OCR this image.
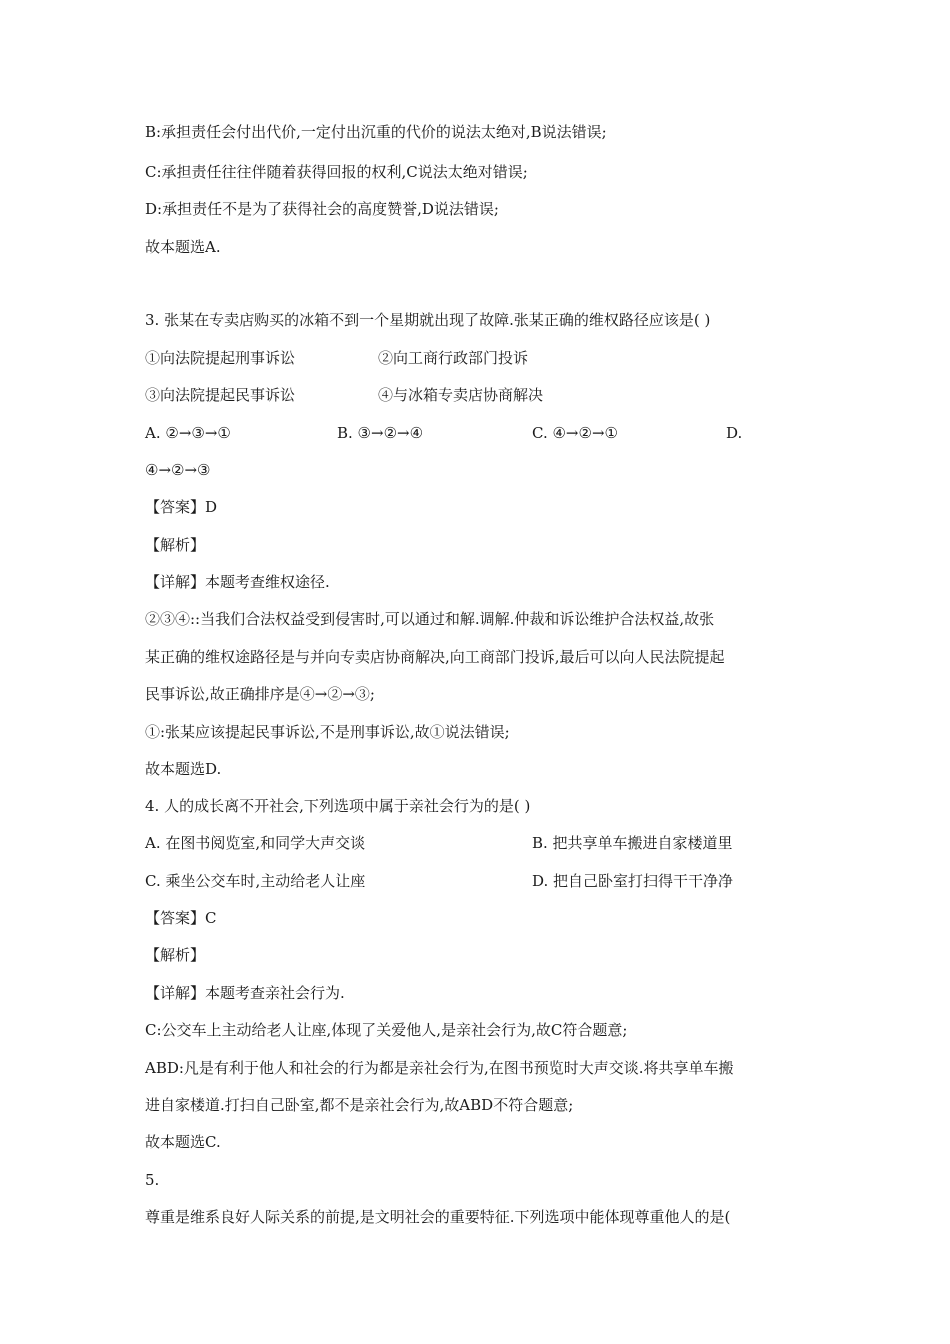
B:承担责任会付出代价,一定付出沉重的代价的说法太绝对,B说法错误;
C:承担责任往往伴随着获得回报的权利,C说法太绝对错误;
D:承担责任不是为了获得社会的高度赞誉,D说法错误;
故本题选A.
3. 张某在专卖店购买的冰箱不到一个星期就出现了故障.张某正确的维权路径应该是( )
①向法院提起刑事诉讼	②向工商行政部门投诉
③向法院提起民事诉讼	④与冰箱专卖店协商解决
A. ②→③→①	B. ③→②→④	C. ④→②→①	D.
④→②→③
【答案】D
【解析】
【详解】本题考查维权途径.
②③④::当我们合法权益受到侵害时,可以通过和解.调解.仲裁和诉讼维护合法权益,故张
某正确的维权途路径是与并向专卖店协商解决,向工商部门投诉,最后可以向人民法院提起
民事诉讼,故正确排序是④→②→③;
①:张某应该提起民事诉讼,不是刑事诉讼,故①说法错误;
故本题选D.
4. 人的成长离不开社会,下列选项中属于亲社会行为的是( )
A. 在图书阅览室,和同学大声交谈	B. 把共享单车搬进自家楼道里
C. 乘坐公交车时,主动给老人让座	D. 把自己卧室打扫得干干净净
【答案】C
【解析】
【详解】本题考查亲社会行为.
C:公交车上主动给老人让座,体现了关爱他人,是亲社会行为,故C符合题意;
ABD:凡是有利于他人和社会的行为都是亲社会行为,在图书预览时大声交谈.将共享单车搬
进自家楼道.打扫自己卧室,都不是亲社会行为,故ABD不符合题意;
故本题选C.
5.
尊重是维系良好人际关系的前提,是文明社会的重要特征.下列选项中能体现尊重他人的是(
